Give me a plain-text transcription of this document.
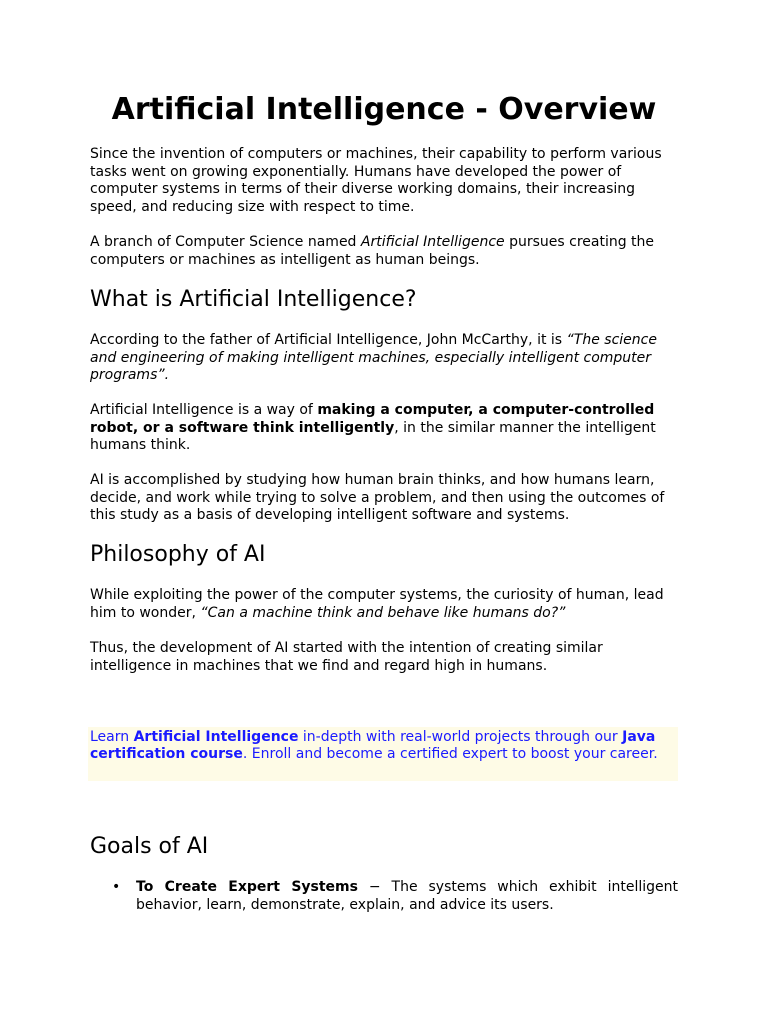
Artificial Intelligence - Overview

Since the invention of computers or machines, their capability to perform various tasks went on growing exponentially. Humans have developed the power of computer systems in terms of their diverse working domains, their increasing speed, and reducing size with respect to time.

A branch of Computer Science named Artificial Intelligence pursues creating the computers or machines as intelligent as human beings.

What is Artificial Intelligence?

According to the father of Artificial Intelligence, John McCarthy, it is “The science and engineering of making intelligent machines, especially intelligent computer programs”.

Artificial Intelligence is a way of making a computer, a computer-controlled robot, or a software think intelligently, in the similar manner the intelligent humans think.

AI is accomplished by studying how human brain thinks, and how humans learn, decide, and work while trying to solve a problem, and then using the outcomes of this study as a basis of developing intelligent software and systems.

Philosophy of AI

While exploiting the power of the computer systems, the curiosity of human, lead him to wonder, “Can a machine think and behave like humans do?”

Thus, the development of AI started with the intention of creating similar intelligence in machines that we find and regard high in humans.

Learn Artificial Intelligence in-depth with real-world projects through our Java certification course. Enroll and become a certified expert to boost your career.

Goals of AI
• To Create Expert Systems − The systems which exhibit intelligent behavior, learn, demonstrate, explain, and advice its users.
